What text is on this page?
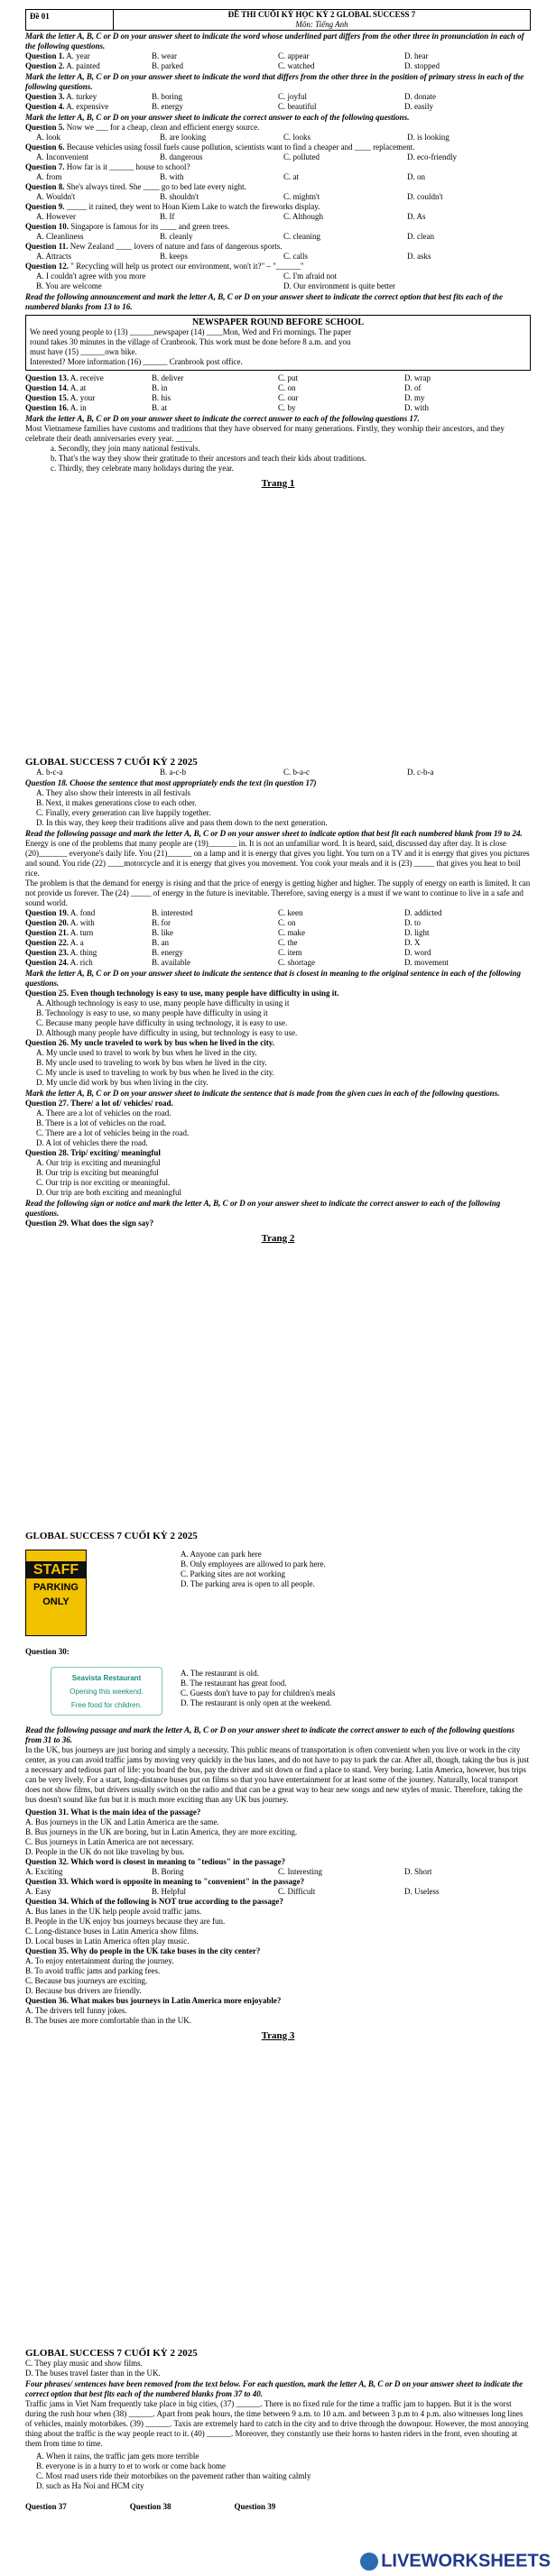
Đề 01	ĐỀ THI CUỐI KỲ HỌC KỲ 2 GLOBAL SUCCESS 7
Môn: Tiếng Anh
Mark the letter A, B, C or D on your answer sheet to indicate the word whose underlined part differs from the other three in pronunciation in each of the following questions.
Question 1. A. year	B. wear	C. appear	D. hear
Question 2. A. painted	B. parked	C. watched	D. stopped
Mark the letter A, B, C or D on your answer sheet to indicate the word that differs from the other three in the position of primary stress in each of the following questions.
Question 3. A. turkey	B. boring	C. joyful	D. donate
Question 4. A. expensive	B. energy	C. beautiful	D. easily
Mark the letter A, B, C or D on your answer sheet to indicate the correct answer to each of the following questions.
Question 5. Now we ___ for a cheap, clean and efficient energy source.
A. look	B. are looking	C. looks	D. is looking
Question 6. Because vehicles using fossil fuels cause pollution, scientists want to find a cheaper and ____ replacement.
A. Inconvenient	B. dangerous	C. polluted	D. eco-friendly
Question 7. How far is it ______ house to school?
A. from	B. with	C. at	D. on
Question 8. She's always tired. She ____ go to bed late every night.
A. Wouldn't	B. shouldn't	C. mightn't	D. couldn't
Question 9. _____ it rained, they went to Hoan Kiem Lake to watch the fireworks display.
A. However	B. If	C. Although	D. As
Question 10. Singapore is famous for its ____ and green trees.
A. Cleanliness	B. cleanly	C. cleaning	D. clean
Question 11. New Zealand ____ lovers of nature and fans of dangerous sports.
A. Attracts	B. keeps	C. calls	D. asks
Question 12. " Recycling will help us protect our environment, won't it?" – "______"
A. I couldn't agree with you more	C. I'm afraid not
B. You are welcome	D. Our environment is quite better
Read the following announcement and mark the letter A, B, C or D on your answer sheet to indicate the correct option that best fits each of the numbered blanks from 13 to 16.
NEWSPAPER ROUND BEFORE SCHOOL
We need young people to (13) ______newspaper (14) ____Mon, Wed and Fri mornings. The paper
round takes 30 minutes in the village of Cranbrook. This work must be done before 8 a.m. and you
must have (15) ______own bike.
Interested? More information (16) ______ Cranbrook post office.
Question 13. A. receive	B. deliver	C. put	D. wrap
Question 14. A. at	B. in	C. on	D. of
Question 15. A. your	B. his	C. our	D. my
Question 16. A. in	B. at	C. by	D. with
Mark the letter A, B, C or D on your answer sheet to indicate the correct answer to each of the following questions 17.
Most Vietnamese families have customs and traditions that they have observed for many generations. Firstly, they worship their ancestors, and they celebrate their death anniversaries every year. ____
a. Secondly, they join many national festivals.
b. That's the way they show their gratitude to their ancestors and teach their kids about traditions.
c. Thirdly, they celebrate many holidays during the year.
Trang 1
GLOBAL SUCCESS 7 CUỐI KỲ 2 2025
A. b-c-a	B. a-c-b	C. b-a-c	D. c-b-a
Question 18. Choose the sentence that most appropriately ends the text (in question 17)
A. They also show their interests in all festivals
B. Next, it makes generations close to each other.
C. Finally, every generation can live happily together.
D. In this way, they keep their traditions alive and pass them down to the next generation.
Read the following passage and mark the letter A, B, C or D on your answer sheet to indicate option that best fit each numbered blank from 19 to 24.
Energy is one of the problems that many people are (19)_______ in. It is not an unfamiliar word. It is heard, said, discussed day after day. It is close (20)_______ everyone's daily life. You (21)______ on a lamp and it is energy that gives you light. You turn on a TV and it is energy that gives you pictures and sound. You ride (22) ____motorcycle and it is energy that gives you movement. You cook your meals and it is (23) _____ that gives you heat to boil rice.
The problem is that the demand for energy is rising and that the price of energy is getting higher and higher. The supply of energy on earth is limited. It can not provide us forever. The (24) _____ of energy in the future is inevitable. Therefore, saving energy is a must if we want to continue to live in a safe and sound world.
Question 19. A. fond	B. interested	C. keen	D. addicted
Question 20. A. with	B. for	C. on	D. to
Question 21. A. turn	B. like	C. make	D. light
Question 22. A. a	B. an	C. the	D. X
Question 23. A. thing	B. energy	C. item	D. word
Question 24. A. rich	B. available	C. shortage	D. movement
Mark the letter A, B, C or D on your answer sheet to indicate the sentence that is closest in meaning to the original sentence in each of the following questions.
Question 25. Even though technology is easy to use, many people have difficulty in using it.
A. Although technology is easy to use, many people have difficulty in using it
B. Technology is easy to use, so many people have difficulty in using it
C. Because many people have difficulty in using technology, it is easy to use.
D. Although many people have difficulty in using, but technology is easy to use.
Question 26. My uncle traveled to work by bus when he lived in the city.
A. My uncle used to travel to work by bus when he lived in the city.
B. My uncle used to traveling to work by bus when he lived in the city.
C. My uncle is used to traveling to work by bus when he lived in the city.
D. My uncle did work by bus when living in the city.
Mark the letter A, B, C or D on your answer sheet to indicate the sentence that is made from the given cues in each of the following questions.
Question 27. There/ a lot of/ vehicles/ road.
A. There are a lot of vehicles on the road.
B. There is a lot of vehicles on the road.
C. There are a lot of vehicles being in the road.
D. A lot of vehicles there the road.
Question 28. Trip/ exciting/ meaningful
A. Our trip is exciting and meaningful
B. Our trip is exciting but meaningful
C. Our trip is nor exciting or meaningful.
D. Our trip are both exciting and meaningful
Read the following sign or notice and mark the letter A, B, C or D on your answer sheet to indicate the correct answer to each of the following questions.
Question 29. What does the sign say?
Trang 2
GLOBAL SUCCESS 7 CUỐI KỲ 2 2025
STAFF
PARKING
ONLY
A. Anyone can park here
B. Only employees are allowed to park here.
C. Parking sites are not working
D. The parking area is open to all people.
Question 30:
Seavista Restaurant
Opening this weekend.
Free food for children.
A. The restaurant is old.
B. The restaurant has great food.
C. Guests don't have to pay for children's meals
D. The restaurant is only open at the weekend.
Read the following passage and mark the letter A, B, C or D on your answer sheet to indicate the correct answer to each of the following questions from 31 to 36.
In the UK, bus journeys are just boring and simply a necessity. This public means of transportation is often convenient when you live or work in the city center, as you can avoid traffic jams by moving very quickly in the bus lanes, and do not have to pay to park the car. After all, though, taking the bus is just a necessary and tedious part of life: you board the bus, pay the driver and sit down or find a place to stand. Very boring. Latin America, however, bus trips can be very lively. For a start, long-distance buses put on films so that you have entertainment for at least some of the journey. Naturally, local transport does not show films, but drivers usually switch on the radio and that can be a great way to hear new songs and new styles of music. Therefore, taking the bus doesn't sound like fun but it is much more exciting than any UK bus journey.
Question 31. What is the main idea of the passage?
A. Bus journeys in the UK and Latin America are the same.
B. Bus journeys in the UK are boring, but in Latin America, they are more exciting.
C. Bus journeys in Latin America are not necessary.
D. People in the UK do not like traveling by bus.
Question 32. Which word is closest in meaning to "tedious" in the passage?
A. Exciting	B. Boring	C. Interesting	D. Short
Question 33. Which word is opposite in meaning to "convenient" in the passage?
A. Easy	B. Helpful	C. Difficult	D. Useless
Question 34. Which of the following is NOT true according to the passage?
A. Bus lanes in the UK help people avoid traffic jams.
B. People in the UK enjoy bus journeys because they are fun.
C. Long-distance buses in Latin America show films.
D. Local buses in Latin America often play music.
Question 35. Why do people in the UK take buses in the city center?
A. To enjoy entertainment during the journey.
B. To avoid traffic jams and parking fees.
C. Because bus journeys are exciting.
D. Because bus drivers are friendly.
Question 36. What makes bus journeys in Latin America more enjoyable?
A. The drivers tell funny jokes.
B. The buses are more comfortable than in the UK.
Trang 3
GLOBAL SUCCESS 7 CUỐI KỲ 2 2025
C. They play music and show films.
D. The buses travel faster than in the UK.
Four phrases/ sentences have been removed from the text below. For each question, mark the letter A, B, C or D on your answer sheet to indicate the correct option that best fits each of the numbered blanks from 37 to 40.
Traffic jams in Viet Nam frequently take place in big cities, (37) ______. There is no fixed rule for the time a traffic jam to happen. But it is the worst during the rush hour when (38) ______. Apart from peak hours, the time between 9 a.m. to 10 a.m. and between 3 p.m to 4 p.m. also witnesses long lines of vehicles, mainly motorbikes. (39) ______. Taxis are extremely hard to catch in the city and to drive through the downpour. However, the most annoying thing about the traffic is the way people react to it. (40) ______. Moreover, they constantly use their horns to hasten riders in the front, even shouting at them from time to time.
A. When it rains, the traffic jam gets more terrible
B. everyone is in a hurry to et to work or come back home
C. Most road users ride their motorbikes on the pavement rather than waiting calmly
D. such as Ha Noi and HCM city
Question 37	Question 38	Question 39
LIVEWORKSHEETS
